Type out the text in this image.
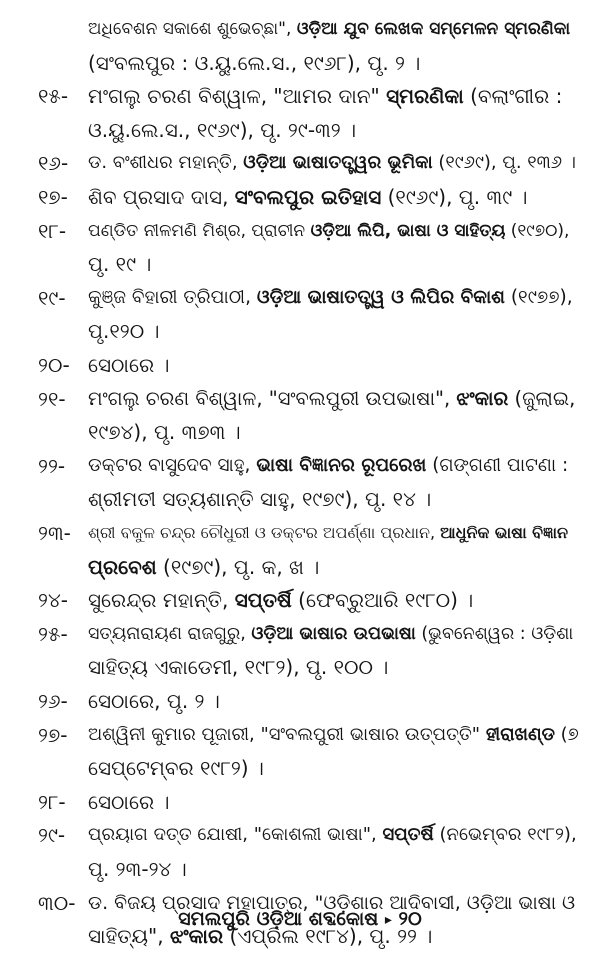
ଅଧିବେଶନ ସକାଶେ ଶୁଭେଚ୍ଛା", ଓଡ଼ିଆ ଯୁବ ଲେଖକ ସମ୍ମେଳନ ସ୍ମରଣିକା
(ସଂବଲପୁର : ଓ.ୟୁ.ଲେ.ସ., ୧୯୬୮), ପୃ. ୨ ।
୧୫- ମଂଗଲୁ ଚରଣ ବିଶ୍ୱାଳ, "ଆମର ଦାନ" ସ୍ମରଣିକା (ବଲାଂଗୀର :
ଓ.ୟୁ.ଲେ.ସ., ୧୯୬୯), ପୃ. ୨୯-୩୨ ।
୧୬-	ଡ. ବଂଶୀଧର ମହାନ୍ତି, ଓଡ଼ିଆ ଭାଷାତତ୍ତ୍ୱର ଭୂମିକା (୧୯୬୯), ପୃ. ୧୩୬ ।
୧୭-	ଶିବ ପ୍ରସାଦ ଦାସ, ସଂବଲପୁର ଇତିହାସ (୧୯୬୯), ପୃ. ୩୯ ।
୧୮-	ପଣ୍ଡିତ ନୀଳମଣି ମିଶ୍ର, ପ୍ରାଚୀନ ଓଡ଼ିଆ ଲିପି, ଭାଷା ଓ ସାହିତ୍ୟ (୧୯୭୦),
ପୃ. ୧୯ ।
୧୯-	କୁଞ୍ଜ ବିହାରୀ ତ୍ରିପାଠୀ, ଓଡ଼ିଆ ଭାଷାତତ୍ତ୍ୱ ଓ ଲିପିର ବିକାଶ (୧୯୭୭),
ପୃ.୧୨୦ ।
୨୦- ସେଠାରେ ।
୨୧-	ମଂଗଲୁ ଚରଣ ବିଶ୍ୱାଳ, "ସଂବଲପୁରୀ ଉପଭାଷା", ଝଂକାର (ଜୁଲାଇ,
୧୯୭୪), ପୃ. ୩୭୩ ।
୨୨-	ଡକ୍ଟର ବାସୁଦେବ ସାହୁ, ଭାଷା ବିଜ୍ଞାନର ରୂପରେଖ (ଗଙ୍ଗଣୀ ପାଟଣା :
ଶ୍ରୀମତୀ ସତ୍ୟଶାନ୍ତି ସାହୁ, ୧୯୭୯), ପୃ. ୧୪ ।
୨୩-	ଶ୍ରୀ ବକୁଳ ଚନ୍ଦ୍ର ଚୌଧୁରୀ ଓ ଡକ୍ଟର ଅପର୍ଣ୍ଣା ପ୍ରଧାନ, ଆଧୁନିକ ଭାଷା ବିଜ୍ଞାନ
ପ୍ରବେଶ (୧୯୭୯), ପୃ. କ, ଖ ।
୨୪-	ସୁରେନ୍ଦ୍ର ମହାନ୍ତି, ସପ୍ତର୍ଷି (ଫେବ୍ରୁଆରି ୧୯୮୦) ।
୨୫-	ସତ୍ୟନାରାୟଣ ରାଜଗୁରୁ, ଓଡ଼ିଆ ଭାଷାର ଉପଭାଷା (ଭୁବନେଶ୍ୱର : ଓଡ଼ିଶା
ସାହିତ୍ୟ ଏକାଡେମୀ, ୧୯୮୨), ପୃ. ୧୦୦ ।
୨୬-	ସେଠାରେ, ପୃ. ୨ ।
୨୭-	ଅଶ୍ୱିନୀ କୁମାର ପୂଜାରୀ, "ସଂବଲପୁରୀ ଭାଷାର ଉତ୍ପତ୍ତି" ହୀରାଖଣ୍ଡ (୭
ସେପ୍ଟେମ୍ବର ୧୯୮୨) ।
୨୮-	ସେଠାରେ ।
୨୯-	ପ୍ରୟାଗ ଦତ୍ତ ଯୋଷୀ, "କୋଶଲୀ ଭାଷା", ସପ୍ତର୍ଷି (ନଭେମ୍ବର ୧୯୮୨),
ପୃ. ୨୩-୨୪ ।
୩୦- ଡ. ବିଜୟ ପ୍ରସାଦ ମହାପାତ୍ର, "ଓଡ଼ିଶାର ଆଦିବାସୀ, ଓଡ଼ିଆ ଭାଷା ଓ
ସାହିତ୍ୟ", ଝଂକାର (ଏପ୍ରିଲ ୧୯୮୪), ପୃ. ୨୨ ।
ସମଲପୁରି ଓଡ଼ିଆ ଶବ୍ଦକୋଷ ▸ ୨୦
